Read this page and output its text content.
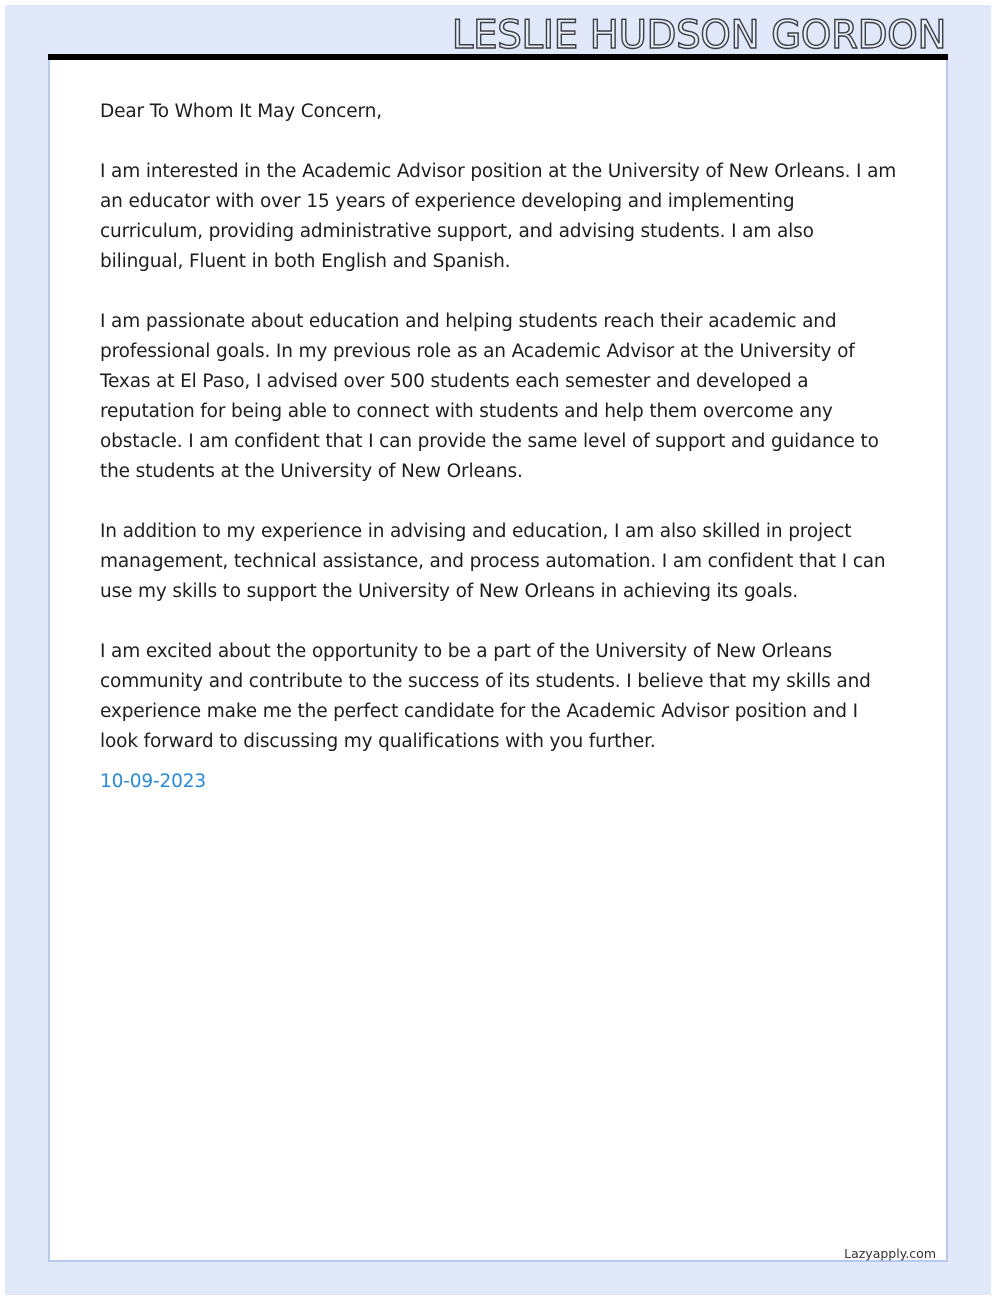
LESLIE HUDSON GORDON

Dear To Whom It May Concern,

I am interested in the Academic Advisor position at the University of New Orleans. I am an educator with over 15 years of experience developing and implementing curriculum, providing administrative support, and advising students. I am also bilingual, Fluent in both English and Spanish.

I am passionate about education and helping students reach their academic and professional goals. In my previous role as an Academic Advisor at the University of Texas at El Paso, I advised over 500 students each semester and developed a reputation for being able to connect with students and help them overcome any obstacle. I am confident that I can provide the same level of support and guidance to the students at the University of New Orleans.

In addition to my experience in advising and education, I am also skilled in project management, technical assistance, and process automation. I am confident that I can use my skills to support the University of New Orleans in achieving its goals.

I am excited about the opportunity to be a part of the University of New Orleans community and contribute to the success of its students. I believe that my skills and experience make me the perfect candidate for the Academic Advisor position and I look forward to discussing my qualifications with you further.

10-09-2023
Lazyapply.com
